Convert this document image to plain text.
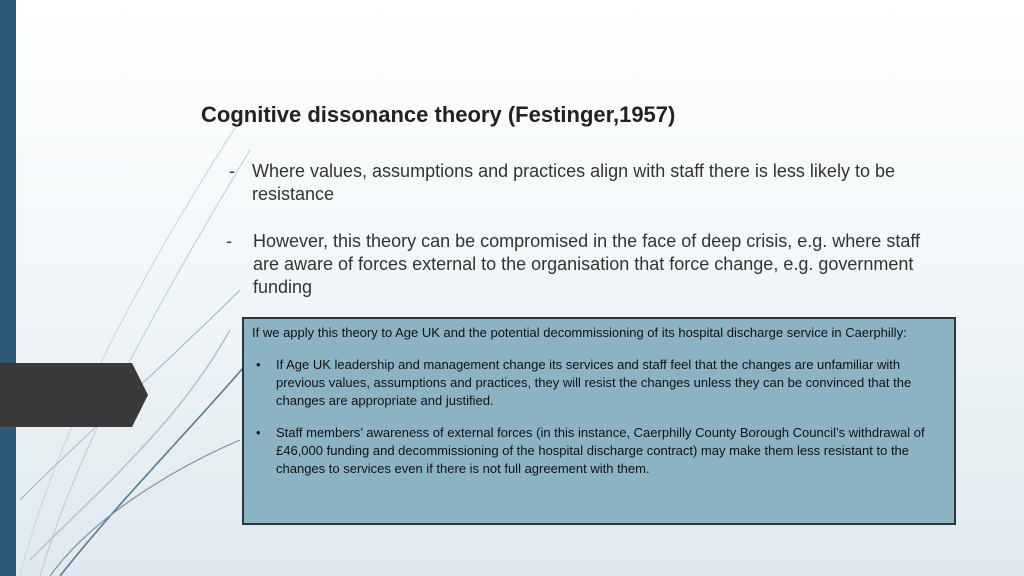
Cognitive dissonance theory (Festinger,1957)
- Where values, assumptions and practices align with staff there is less likely to be resistance
-	However, this theory can be compromised in the face of deep crisis, e.g. where staff are aware of forces external to the organisation that force change, e.g. government funding

If we apply this theory to Age UK and the potential decommissioning of its hospital discharge service in Caerphilly:

• If Age UK leadership and management change its services and staff feel that the changes are unfamiliar with previous values, assumptions and practices, they will resist the changes unless they can be convinced that the changes are appropriate and justified.
• Staff members’ awareness of external forces (in this instance, Caerphilly County Borough Council’s withdrawal of £46,000 funding and decommissioning of the hospital discharge contract) may make them less resistant to the changes to services even if there is not full agreement with them.
